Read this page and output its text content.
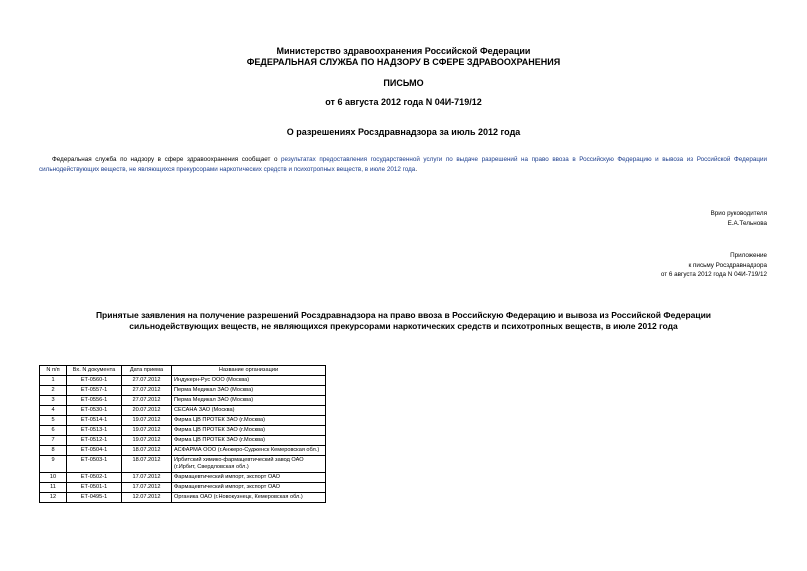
Министерство здравоохранения Российской Федерации
ФЕДЕРАЛЬНАЯ СЛУЖБА ПО НАДЗОРУ В СФЕРЕ ЗДРАВООХРАНЕНИЯ
ПИСЬМО
от 6 августа 2012 года N 04И-719/12
О разрешениях Росздравнадзора за июль 2012 года
Федеральная служба по надзору в сфере здравоохранения сообщает о результатах предоставления государственной услуги по выдаче разрешений на право ввоза в Российскую Федерацию и вывоза из Российской Федерации сильнодействующих веществ, не являющихся прекурсорами наркотических средств и психотропных веществ, в июле 2012 года.
Врио руководителя
Е.А.Тельнова
Приложение
к письму Росздравнадзора
от 6 августа 2012 года N 04И-719/12
Принятые заявления на получение разрешений Росздравнадзора на право ввоза в Российскую Федерацию и вывоза из Российской Федерации
сильнодействующих веществ, не являющихся прекурсорами наркотических средств и психотропных веществ, в июле 2012 года
N п/п	Вх. N документа	Дата приема	Название организации
1	ЕТ-0560-1	27.07.2012	Индукерн-Рус ООО (Москва)
2	ЕТ-0557-1	27.07.2012	Перма Медикал ЗАО (Москва)
3	ЕТ-0556-1	27.07.2012	Перма Медикал ЗАО (Москва)
4	ЕТ-0530-1	20.07.2012	СЕСАНА ЗАО (Москва)
5	ЕТ-0514-1	19.07.2012	Фирма ЦВ ПРОТЕК ЗАО (г.Москва)
6	ЕТ-0513-1	19.07.2012	Фирма ЦВ ПРОТЕК ЗАО (г.Москва)
7	ЕТ-0512-1	19.07.2012	Фирма ЦВ ПРОТЕК ЗАО (г.Москва)
8	ЕТ-0504-1	18.07.2012	АСФАРМА ООО (г.Анжеро-Судженск Кемеровская обл.)
9	ЕТ-0503-1	18.07.2012	Ирбитский химико-фармацевтический завод ОАО (г.Ирбит, Свердловская обл.)
10	ЕТ-0502-1	17.07.2012	Фармацевтический импорт, экспорт ОАО
11	ЕТ-0501-1	17.07.2012	Фармацевтический импорт, экспорт ОАО
12	ЕТ-0495-1	12.07.2012	Органика ОАО (г.Новокузнецк, Кемеровская обл.)
